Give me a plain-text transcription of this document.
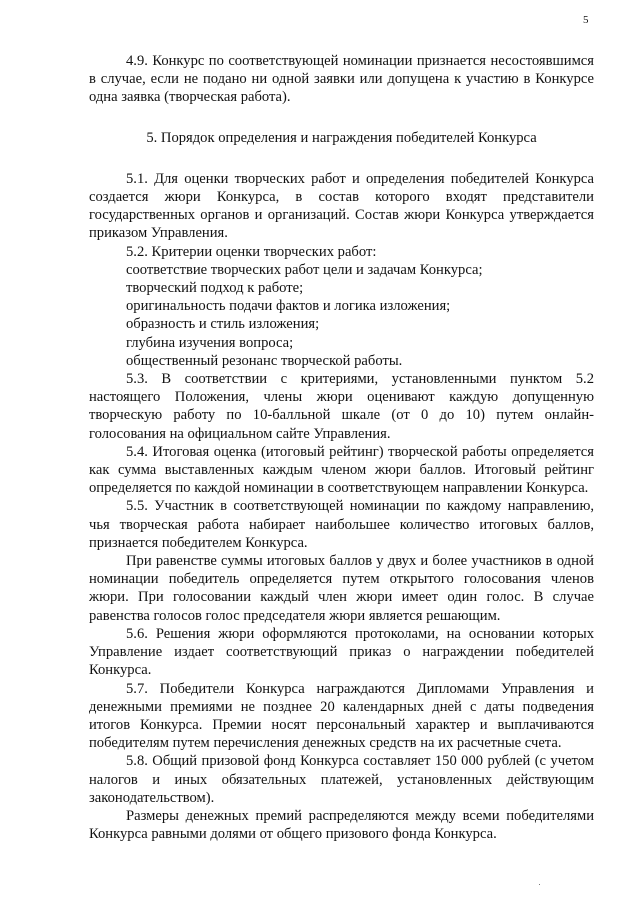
5

4.9. Конкурс по соответствующей номинации признается несостоявшимся в случае, если не подано ни одной заявки или допущена к участию в Конкурсе одна заявка (творческая работа).

5. Порядок определения и награждения победителей Конкурса

5.1. Для оценки творческих работ и определения победителей Конкурса создается жюри Конкурса, в состав которого входят представители государственных органов и организаций. Состав жюри Конкурса утверждается приказом Управления.

5.2. Критерии оценки творческих работ:

соответствие творческих работ цели и задачам Конкурса;
творческий подход к работе;
оригинальность подачи фактов и логика изложения;
образность и стиль изложения;
глубина изучения вопроса;
общественный резонанс творческой работы.

5.3. В соответствии с критериями, установленными пунктом 5.2 настоящего Положения, члены жюри оценивают каждую допущенную творческую работу по 10-балльной шкале (от 0 до 10) путем онлайн-голосования на официальном сайте Управления.

5.4. Итоговая оценка (итоговый рейтинг) творческой работы определяется как сумма выставленных каждым членом жюри баллов. Итоговый рейтинг определяется по каждой номинации в соответствующем направлении Конкурса.

5.5. Участник в соответствующей номинации по каждому направлению, чья творческая работа набирает наибольшее количество итоговых баллов, признается победителем Конкурса.

При равенстве суммы итоговых баллов у двух и более участников в одной номинации победитель определяется путем открытого голосования членов жюри. При голосовании каждый член жюри имеет один голос. В случае равенства голосов голос председателя жюри является решающим.

5.6. Решения жюри оформляются протоколами, на основании которых Управление издает соответствующий приказ о награждении победителей Конкурса.

5.7. Победители Конкурса награждаются Дипломами Управления и денежными премиями не позднее 20 календарных дней с даты подведения итогов Конкурса. Премии носят персональный характер и выплачиваются победителям путем перечисления денежных средств на их расчетные счета.

5.8. Общий призовой фонд Конкурса составляет 150 000 рублей (с учетом налогов и иных обязательных платежей, установленных действующим законодательством).

Размеры денежных премий распределяются между всеми победителями Конкурса равными долями от общего призового фонда Конкурса.
